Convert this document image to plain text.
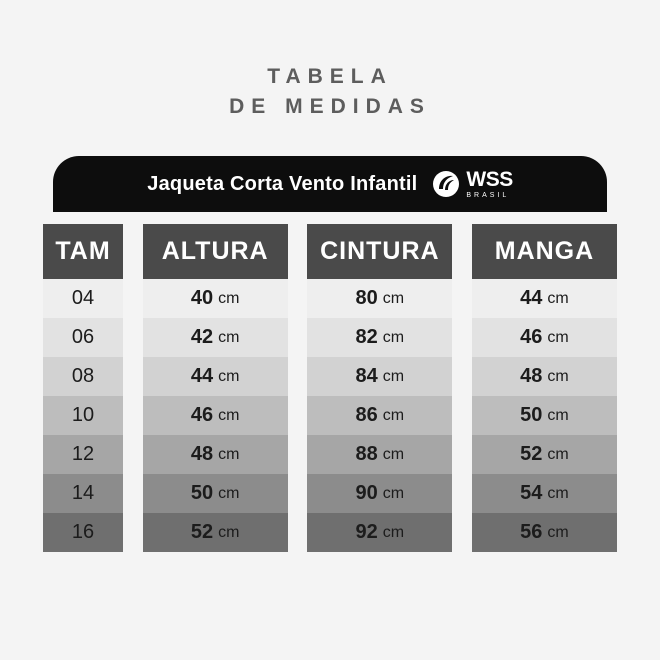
TABELA
DE MEDIDAS
Jaqueta Corta Vento Infantil WSS
BRASIL
TAM
04
06
08
10
12
14
16
ALTURA
40 cm
42 cm
44 cm
46 cm
48 cm
50 cm
52 cm
CINTURA
80 cm
82 cm
84 cm
86 cm
88 cm
90 cm
92 cm
MANGA
44 cm
46 cm
48 cm
50 cm
52 cm
54 cm
56 cm
